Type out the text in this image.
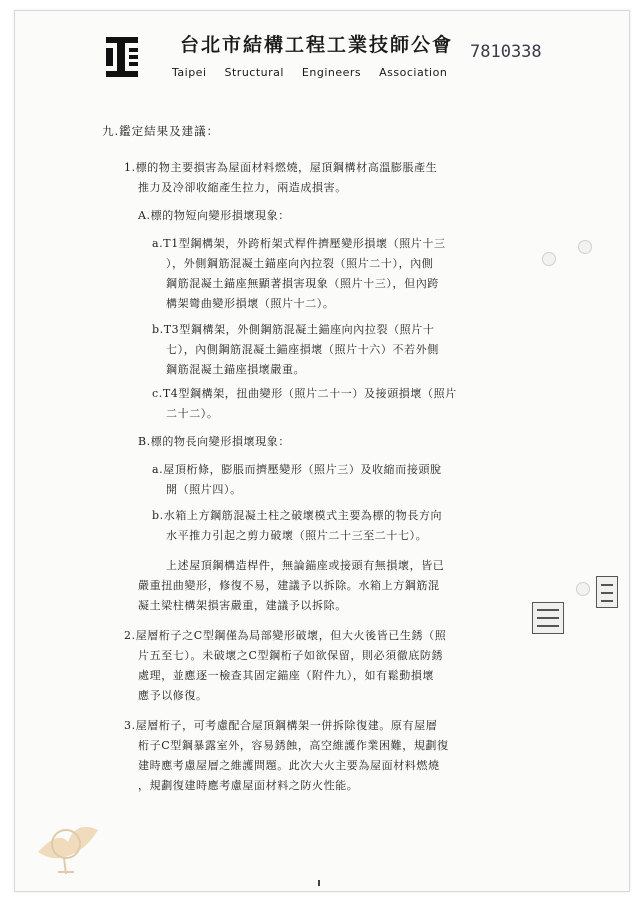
台北市結構工程工業技師公會
Taipei Structural Engineers Association
7810338
九.鑑定結果及建議：
1.標的物主要損害為屋面材料燃燒，屋頂鋼構材高溫膨脹產生
推力及冷卻收縮產生拉力，兩造成損害。
A.標的物短向變形損壞現象：
a.T1型鋼構架，外跨桁架式桿件擠壓變形損壞（照片十三
），外側鋼筋混凝土錨座向內拉裂（照片二十），內側
鋼筋混凝土錨座無顯著損害現象（照片十三），但內跨
構架彎曲變形損壞（照片十二）。
b.T3型鋼構架，外側鋼筋混凝土錨座向內拉裂（照片十
七），內側鋼筋混凝土錨座損壞（照片十六）不若外側
鋼筋混凝土錨座損壞嚴重。
c.T4型鋼構架，扭曲變形（照片二十一）及接頭損壞（照片
二十二）。
B.標的物長向變形損壞現象：
a.屋頂桁條，膨脹而擠壓變形（照片三）及收縮而接頭脫
開（照片四）。
b.水箱上方鋼筋混凝土柱之破壞模式主要為標的物長方向
水平推力引起之剪力破壞（照片二十三至二十七）。
上述屋頂鋼構造桿件，無論錨座或接頭有無損壞，皆已
嚴重扭曲變形，修復不易，建議予以拆除。水箱上方鋼筋混
凝土梁柱構架損害嚴重，建議予以拆除。
2.屋層桁子之C型鋼僅為局部變形破壞，但大火後皆已生銹（照
片五至七）。未破壞之C型鋼桁子如欲保留，則必須徹底防銹
處理，並應逐一檢查其固定錨座（附件九），如有鬆動損壞
應予以修復。
3.屋層桁子，可考慮配合屋頂鋼構架一併拆除復建。原有屋層
桁子C型鋼暴露室外，容易銹蝕，高空維護作業困難，規劃復
建時應考慮屋層之維護問題。此次大火主要為屋面材料燃燒
，規劃復建時應考慮屋面材料之防火性能。
